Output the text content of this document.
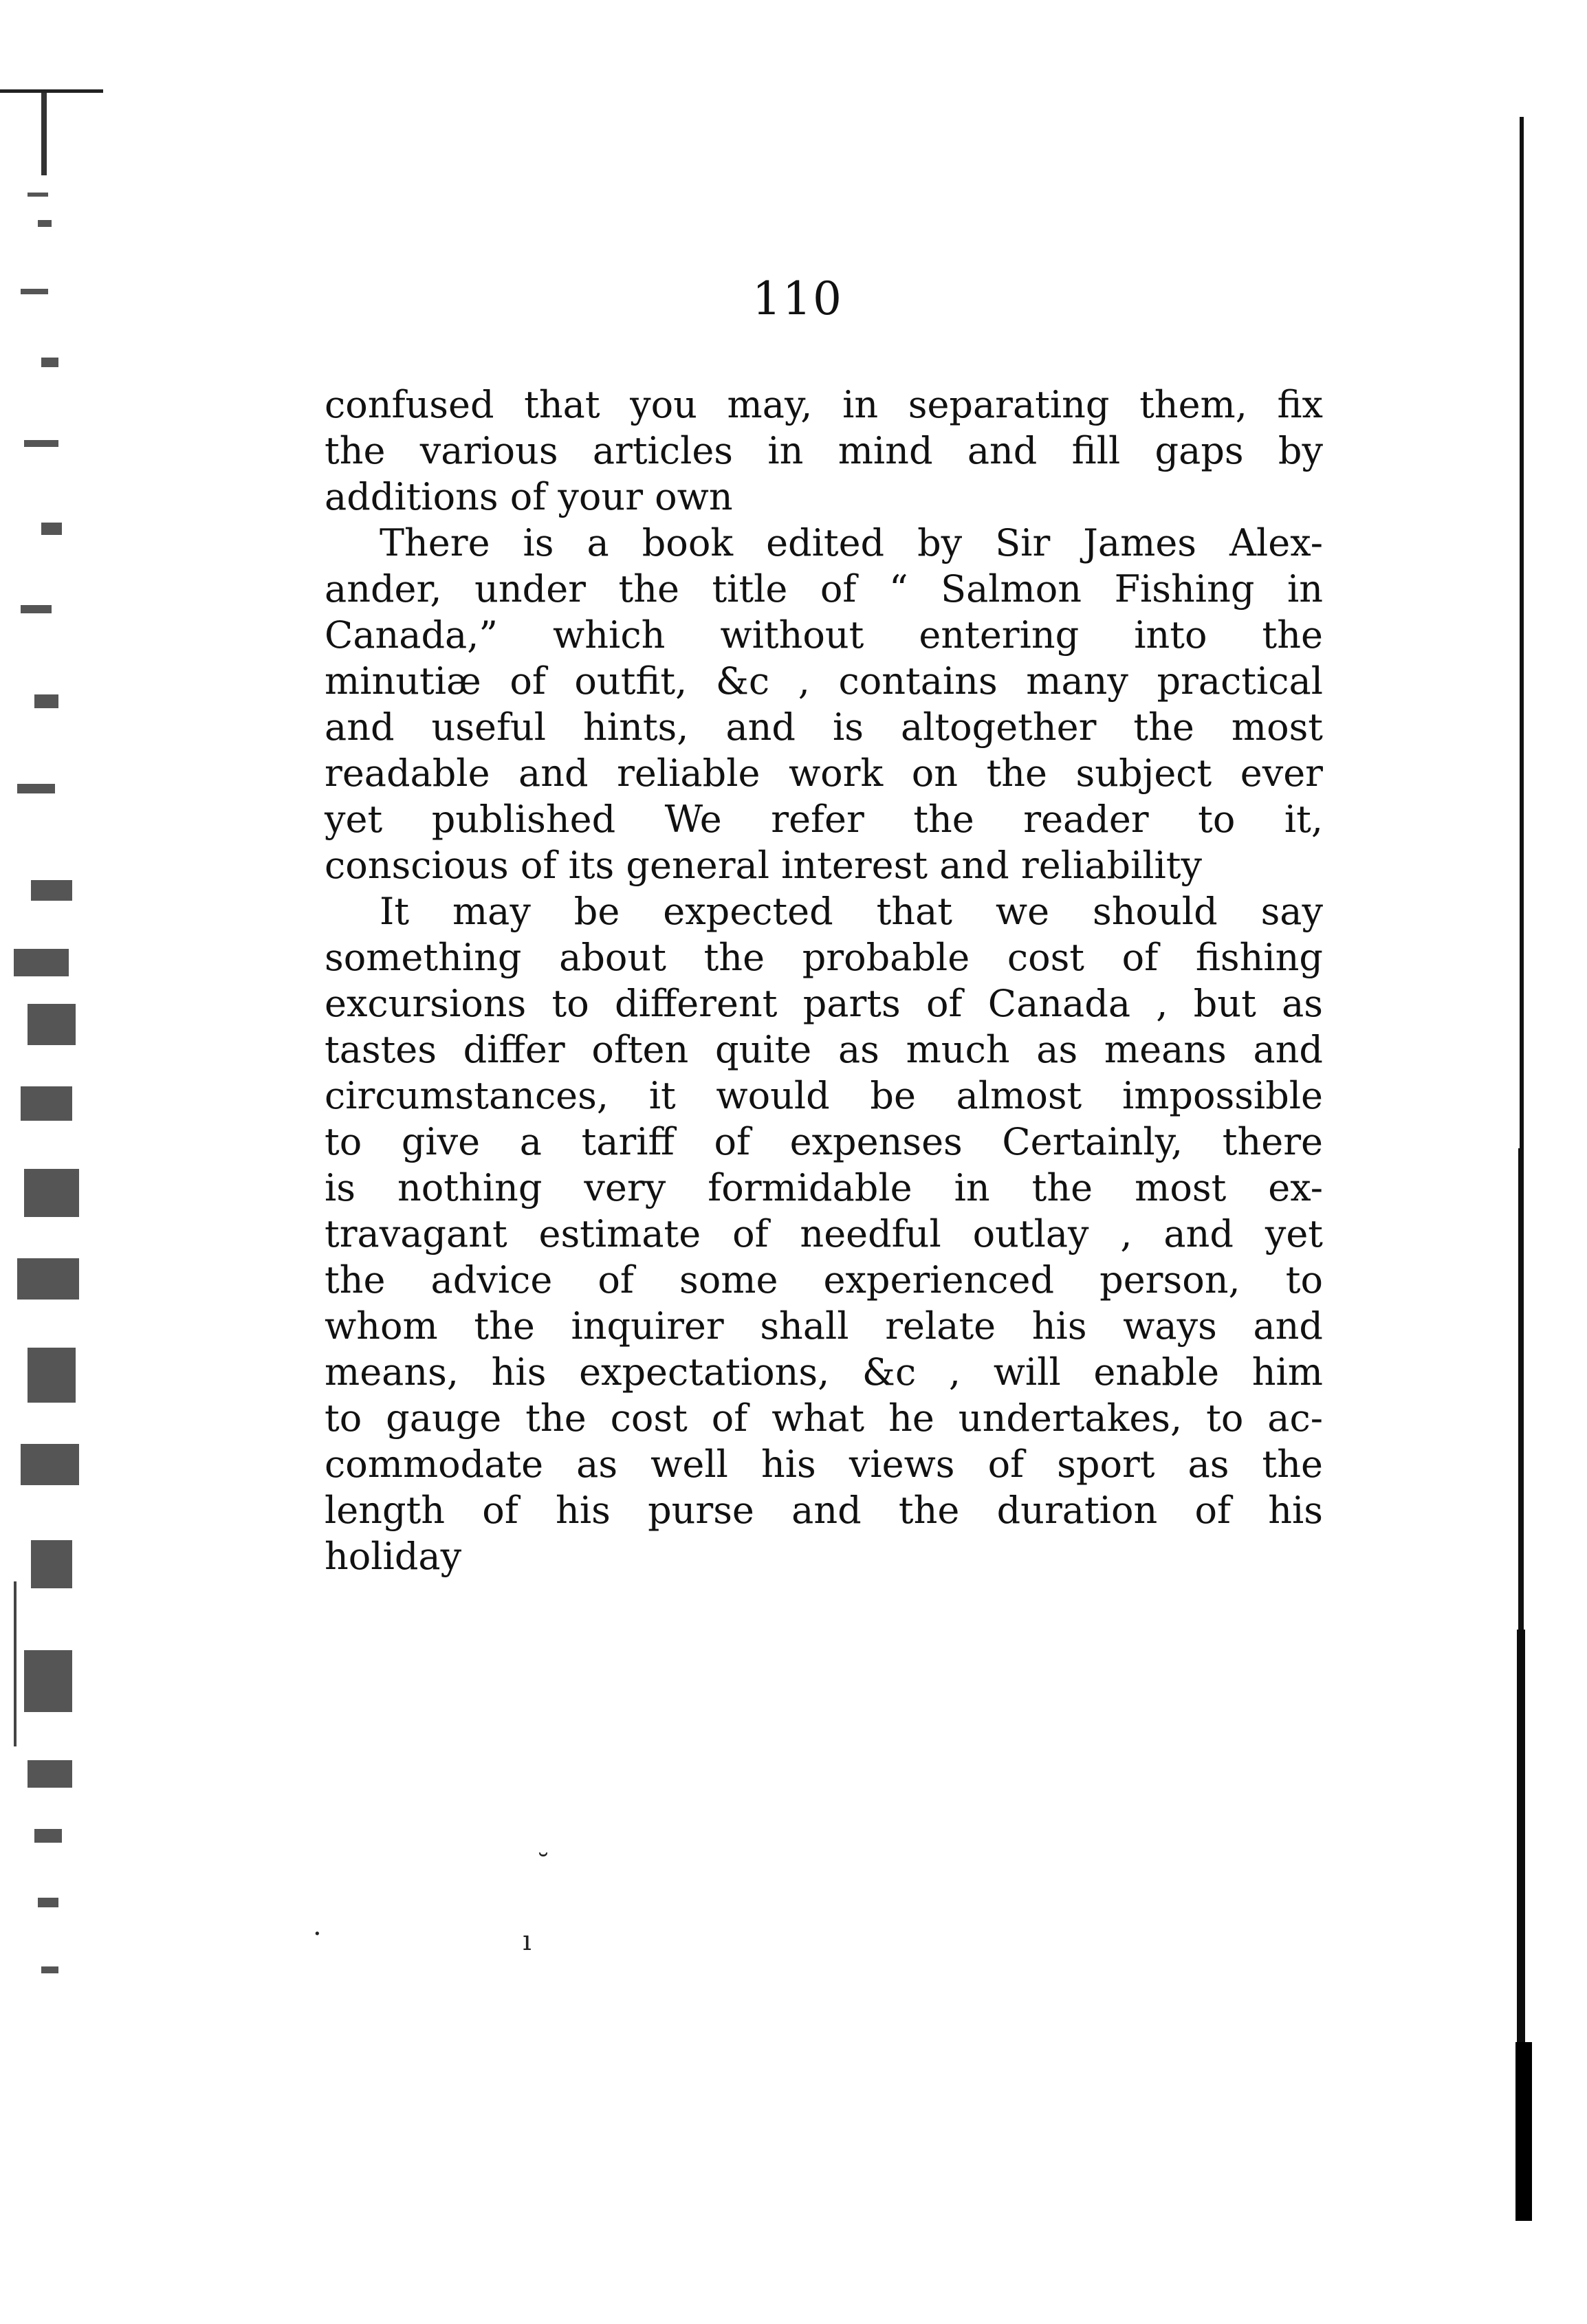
110
confused that you may, in separating them, fix
the various articles in mind and fill gaps by
additions of your own
There is a book edited by Sir James Alex-
ander, under the title of “ Salmon Fishing in
Canada,” which without entering into the
minutiæ of outfit, &c , contains many practical
and useful hints, and is altogether the most
readable and reliable work on the subject ever
yet published We refer the reader to it,
conscious of its general interest and reliability
It may be expected that we should say
something about the probable cost of fishing
excursions to different parts of Canada , but as
tastes differ often quite as much as means and
circumstances, it would be almost impossible
to give a tariff of expenses Certainly, there
is nothing very formidable in the most ex-
travagant estimate of needful outlay , and yet
the advice of some experienced person, to
whom the inquirer shall relate his ways and
means, his expectations, &c , will enable him
to gauge the cost of what he undertakes, to ac-
commodate as well his views of sport as the
length of his purse and the duration of his
holiday
˘
·	ı
